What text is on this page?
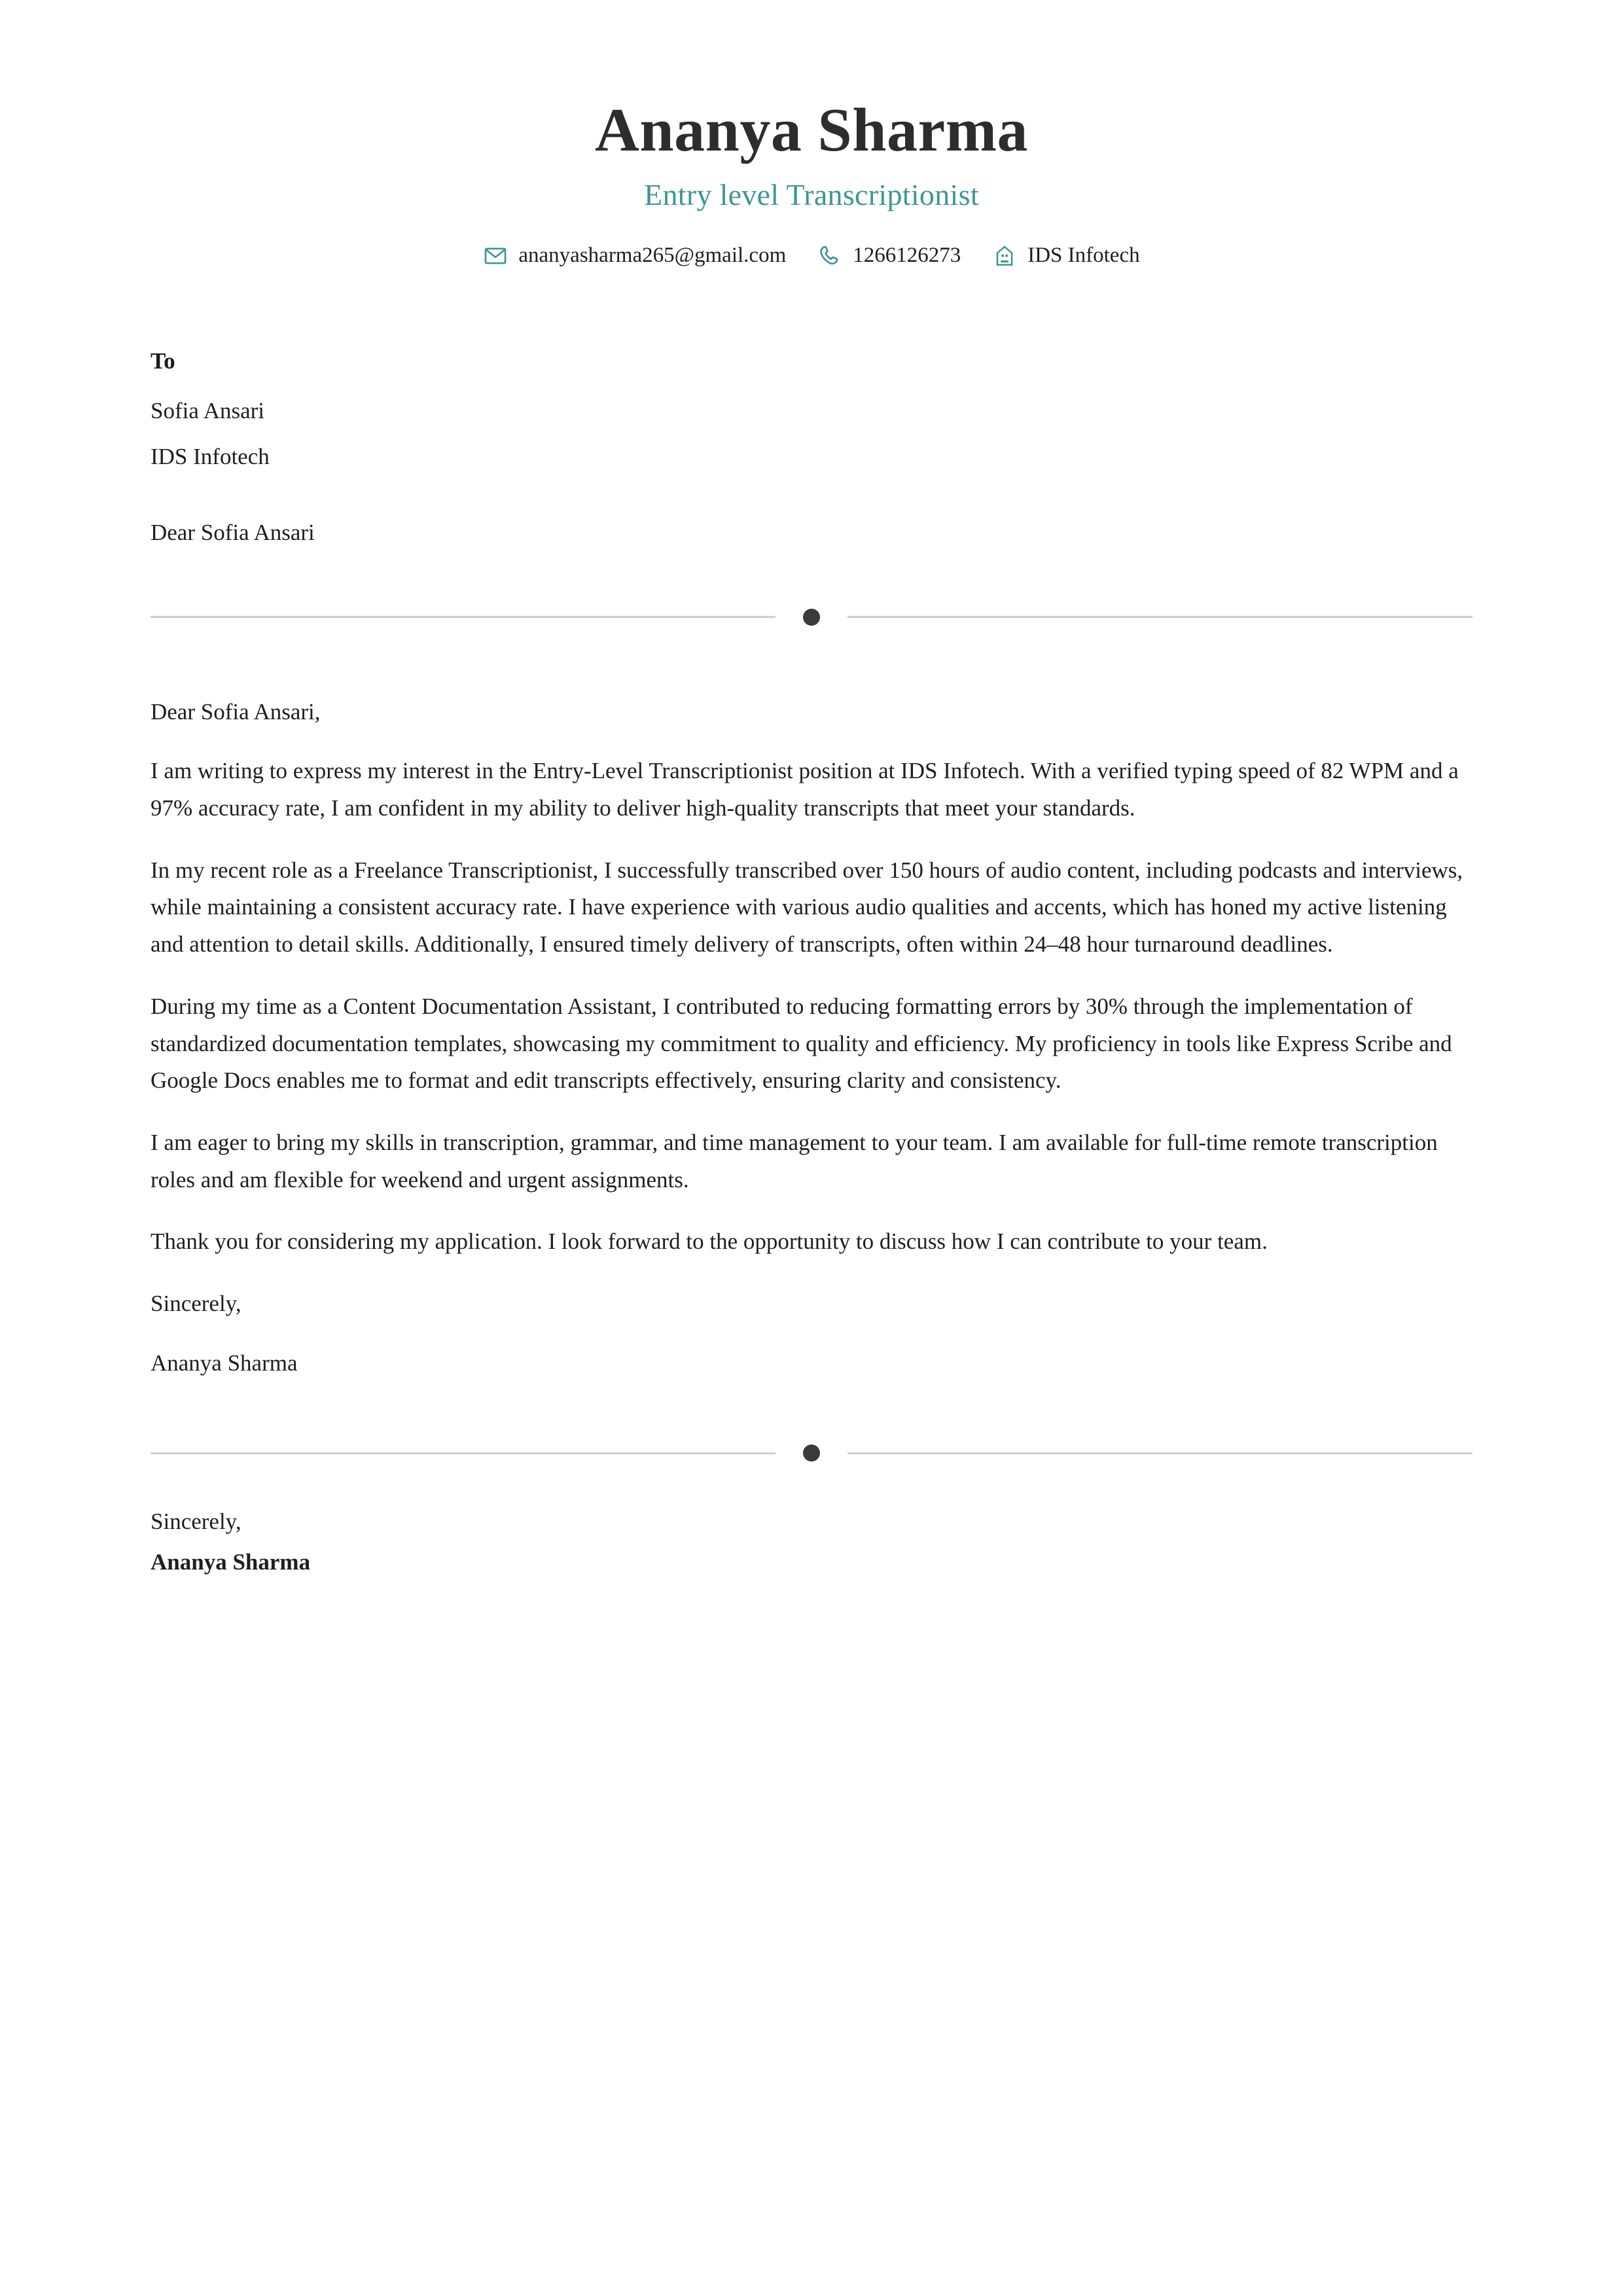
Ananya Sharma
Entry level Transcriptionist
ananyasharma265@gmail.com	1266126273	IDS Infotech
To
Sofia Ansari
IDS Infotech
Dear Sofia Ansari

Dear Sofia Ansari,

I am writing to express my interest in the Entry-Level Transcriptionist position at IDS Infotech. With a verified typing speed of 82 WPM and a 97% accuracy rate, I am confident in my ability to deliver high-quality transcripts that meet your standards.

In my recent role as a Freelance Transcriptionist, I successfully transcribed over 150 hours of audio content, including podcasts and interviews, while maintaining a consistent accuracy rate. I have experience with various audio qualities and accents, which has honed my active listening and attention to detail skills. Additionally, I ensured timely delivery of transcripts, often within 24–48 hour turnaround deadlines.

During my time as a Content Documentation Assistant, I contributed to reducing formatting errors by 30% through the implementation of standardized documentation templates, showcasing my commitment to quality and efficiency. My proficiency in tools like Express Scribe and Google Docs enables me to format and edit transcripts effectively, ensuring clarity and consistency.

I am eager to bring my skills in transcription, grammar, and time management to your team. I am available for full-time remote transcription roles and am flexible for weekend and urgent assignments.

Thank you for considering my application. I look forward to the opportunity to discuss how I can contribute to your team.

Sincerely,

Ananya Sharma

Sincerely,
Ananya Sharma
